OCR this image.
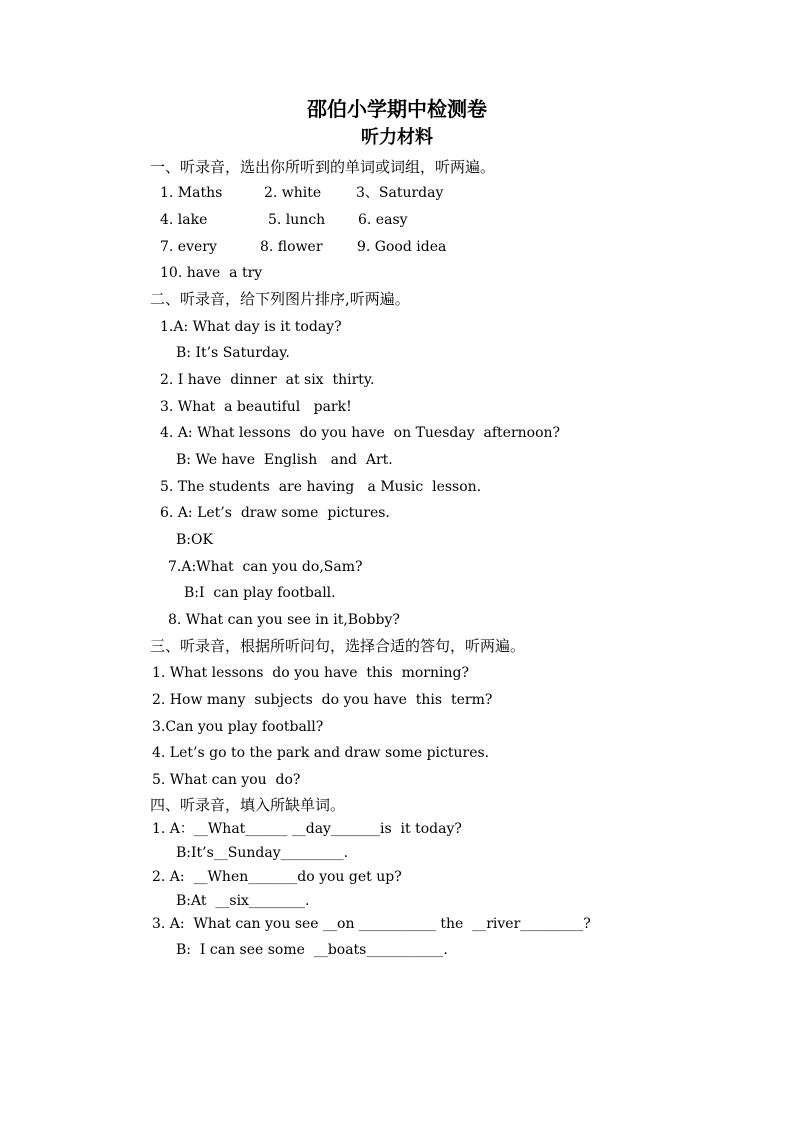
邵伯小学期中检测卷
听力材料
一、听录音，选出你所听到的单词或词组，听两遍。
1. Maths	2. white 3、Saturday
4. lake	5. lunch 6. easy
7. every	8. flower 9. Good idea
10. have  a try
二、听录音，给下列图片排序,听两遍。
1.A: What day is it today?
B: It’s Saturday.
2. I have  dinner  at six  thirty.
3. What  a beautiful   park!
4. A: What lessons  do you have  on Tuesday  afternoon?
B: We have  English   and  Art.
5. The students  are having   a Music  lesson.
6. A: Let’s  draw some  pictures.
B:OK
7.A:What  can you do,Sam?
B:I  can play football.
8. What can you see in it,Bobby?
三、听录音，根据所听问句，选择合适的答句，听两遍。
1. What lessons  do you have  this  morning?
2. How many  subjects  do you have  this  term?
3.Can you play football?
4. Let’s go to the park and draw some pictures.
5. What can you  do?
四、听录音，填入所缺单词。
1. A：__What______ __day_______is  it today?
B:It’s__Sunday_________.
2. A:  __When_______do you get up?
B:At  __six________.
3. A:  What can you see __on ___________ the  __river_________?
B:  I can see some  __boats___________.
